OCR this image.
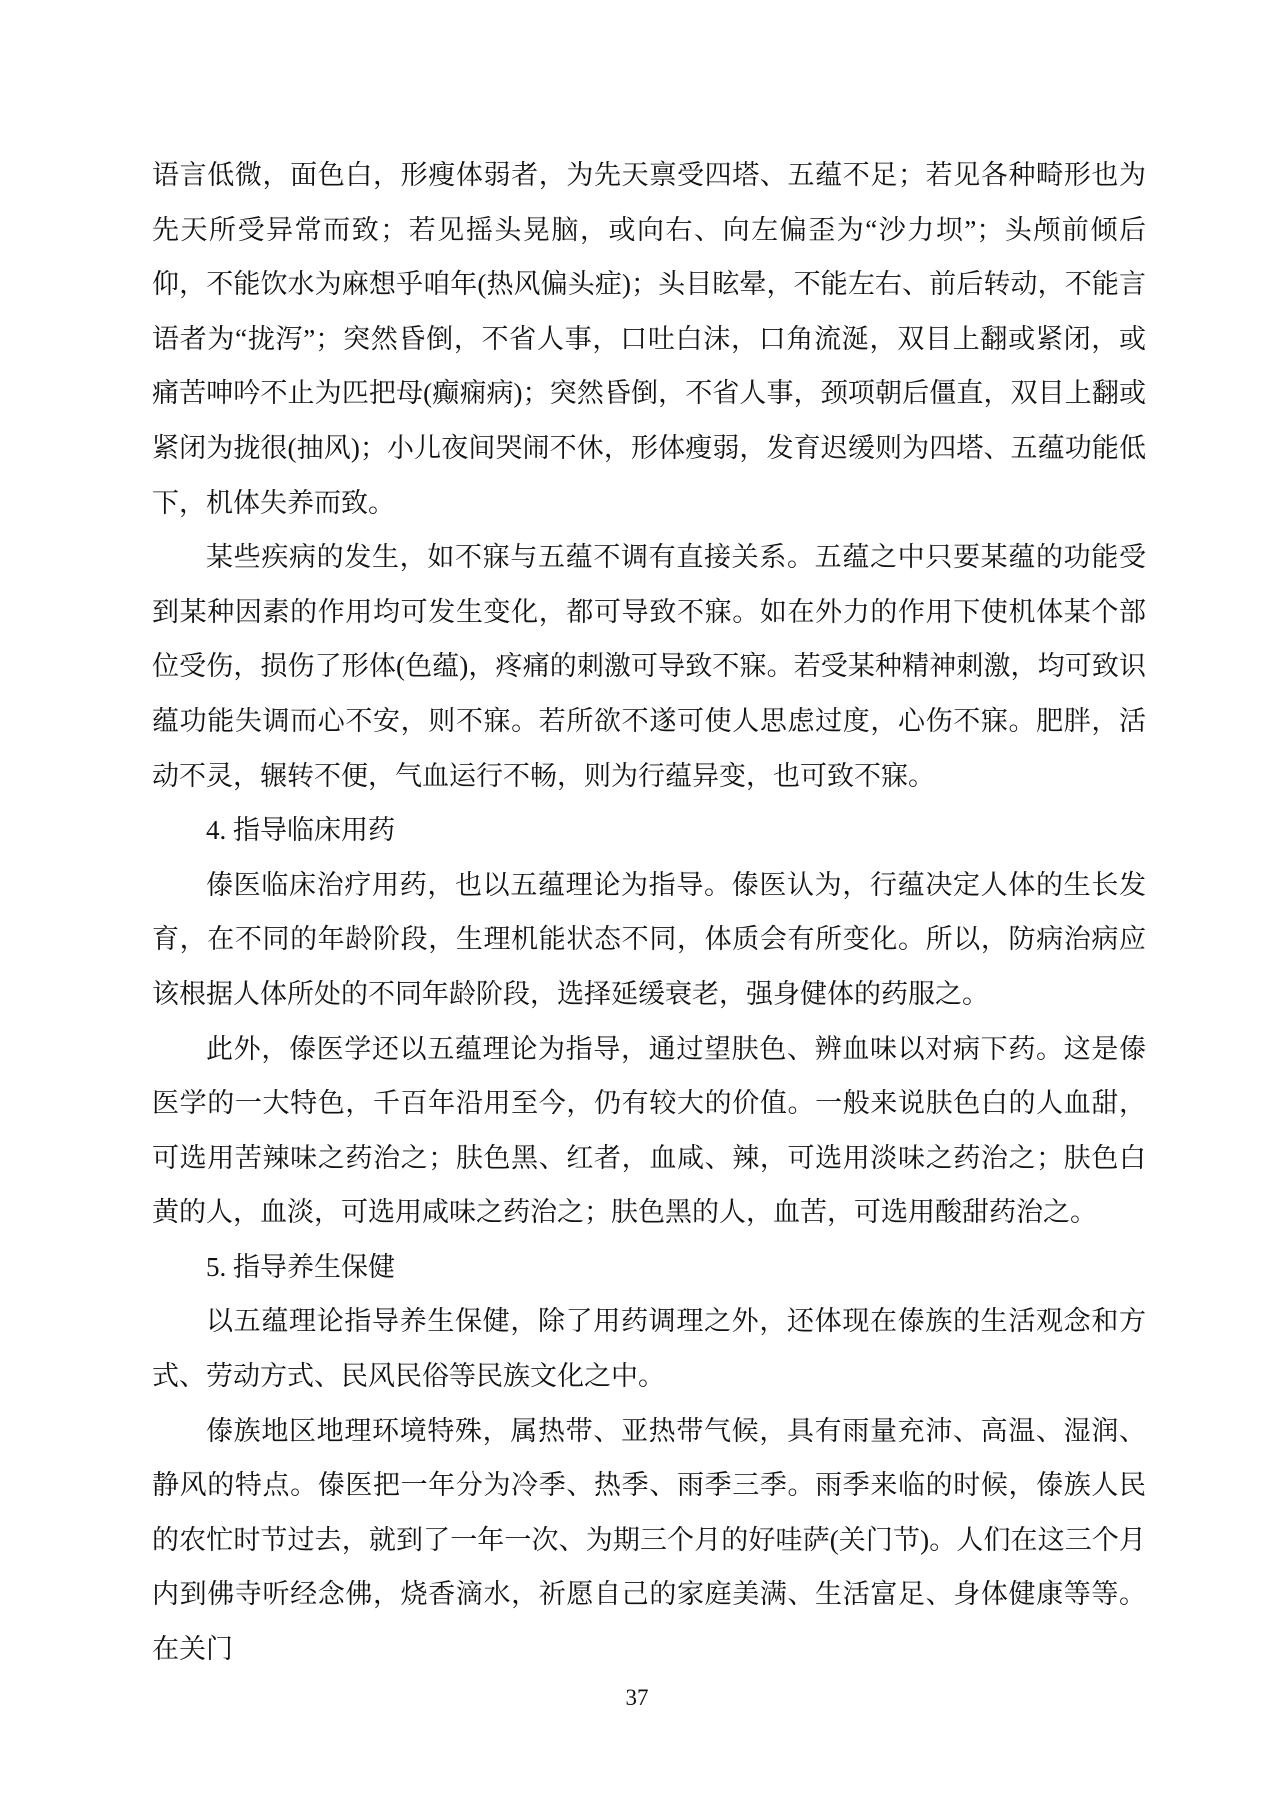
语言低微，面色白，形瘦体弱者，为先天禀受四塔、五蕴不足；若见各种畸形也为先天所受异常而致；若见摇头晃脑，或向右、向左偏歪为“沙力坝”；头颅前倾后仰，不能饮水为麻想乎咱年(热风偏头症)；头目眩晕，不能左右、前后转动，不能言语者为“拢泻”；突然昏倒，不省人事，口吐白沫，口角流涎，双目上翻或紧闭，或痛苦呻吟不止为匹把母(癫痫病)；突然昏倒，不省人事，颈项朝后僵直，双目上翻或紧闭为拢很(抽风)；小儿夜间哭闹不休，形体瘦弱，发育迟缓则为四塔、五蕴功能低下，机体失养而致。

某些疾病的发生，如不寐与五蕴不调有直接关系。五蕴之中只要某蕴的功能受到某种因素的作用均可发生变化，都可导致不寐。如在外力的作用下使机体某个部位受伤，损伤了形体(色蕴)，疼痛的刺激可导致不寐。若受某种精神刺激，均可致识蕴功能失调而心不安，则不寐。若所欲不遂可使人思虑过度，心伤不寐。肥胖，活动不灵，辗转不便，气血运行不畅，则为行蕴异变，也可致不寐。

4. 指导临床用药

傣医临床治疗用药，也以五蕴理论为指导。傣医认为，行蕴决定人体的生长发育，在不同的年龄阶段，生理机能状态不同，体质会有所变化。所以，防病治病应该根据人体所处的不同年龄阶段，选择延缓衰老，强身健体的药服之。

此外，傣医学还以五蕴理论为指导，通过望肤色、辨血味以对病下药。这是傣医学的一大特色，千百年沿用至今，仍有较大的价值。一般来说肤色白的人血甜，可选用苦辣味之药治之；肤色黑、红者，血咸、辣，可选用淡味之药治之；肤色白黄的人，血淡，可选用咸味之药治之；肤色黑的人，血苦，可选用酸甜药治之。

5. 指导养生保健

以五蕴理论指导养生保健，除了用药调理之外，还体现在傣族的生活观念和方式、劳动方式、民风民俗等民族文化之中。

傣族地区地理环境特殊，属热带、亚热带气候，具有雨量充沛、高温、湿润、静风的特点。傣医把一年分为冷季、热季、雨季三季。雨季来临的时候，傣族人民的农忙时节过去，就到了一年一次、为期三个月的好哇萨(关门节)。人们在这三个月内到佛寺听经念佛，烧香滴水，祈愿自己的家庭美满、生活富足、身体健康等等。在关门

37
